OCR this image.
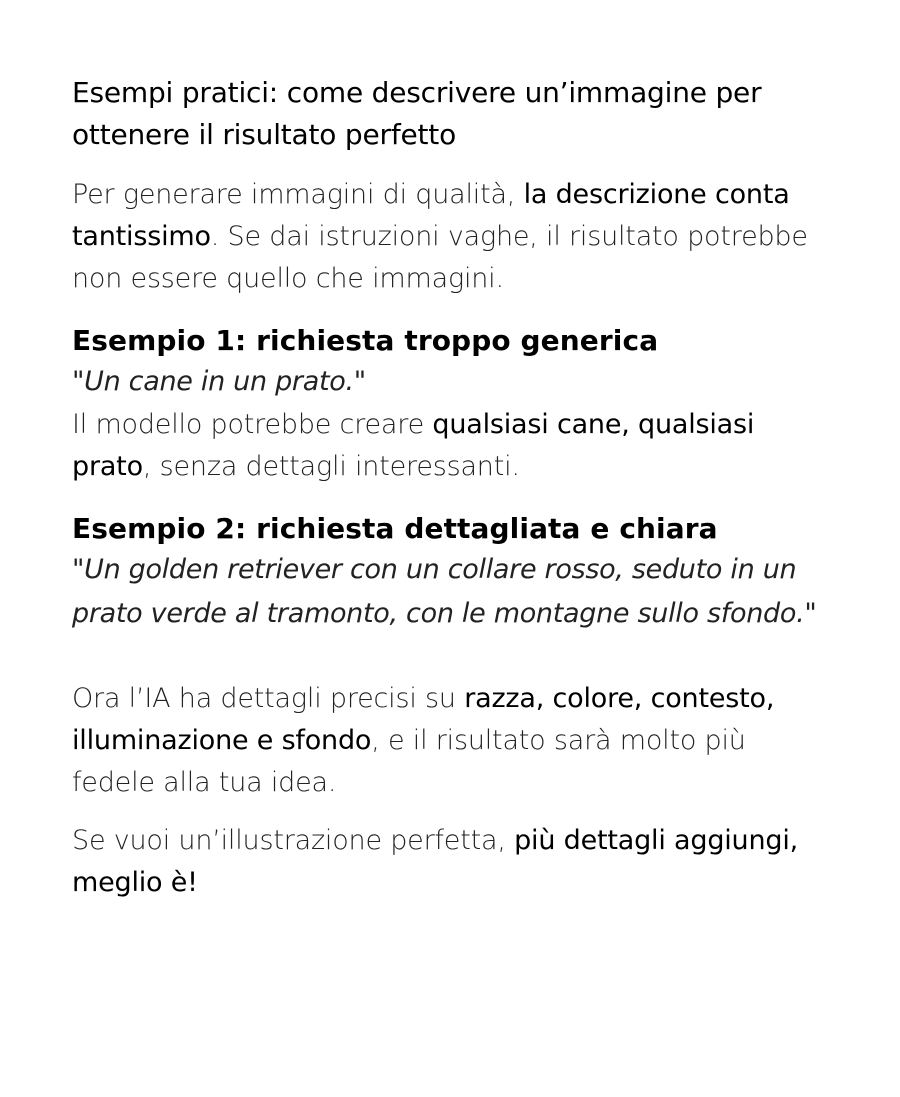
Esempi pratici: come descrivere un’immagine per ottenere il risultato perfetto

Per generare immagini di qualità, la descrizione conta tantissimo. Se dai istruzioni vaghe, il risultato potrebbe non essere quello che immagini.

Esempio 1: richiesta troppo generica

"Un cane in un prato."

Il modello potrebbe creare qualsiasi cane, qualsiasi prato, senza dettagli interessanti.

Esempio 2: richiesta dettagliata e chiara

"Un golden retriever con un collare rosso, seduto in un prato verde al tramonto, con le montagne sullo sfondo."

Ora l’IA ha dettagli precisi su razza, colore, contesto, illuminazione e sfondo, e il risultato sarà molto più fedele alla tua idea.

Se vuoi un’illustrazione perfetta, più dettagli aggiungi, meglio è!
